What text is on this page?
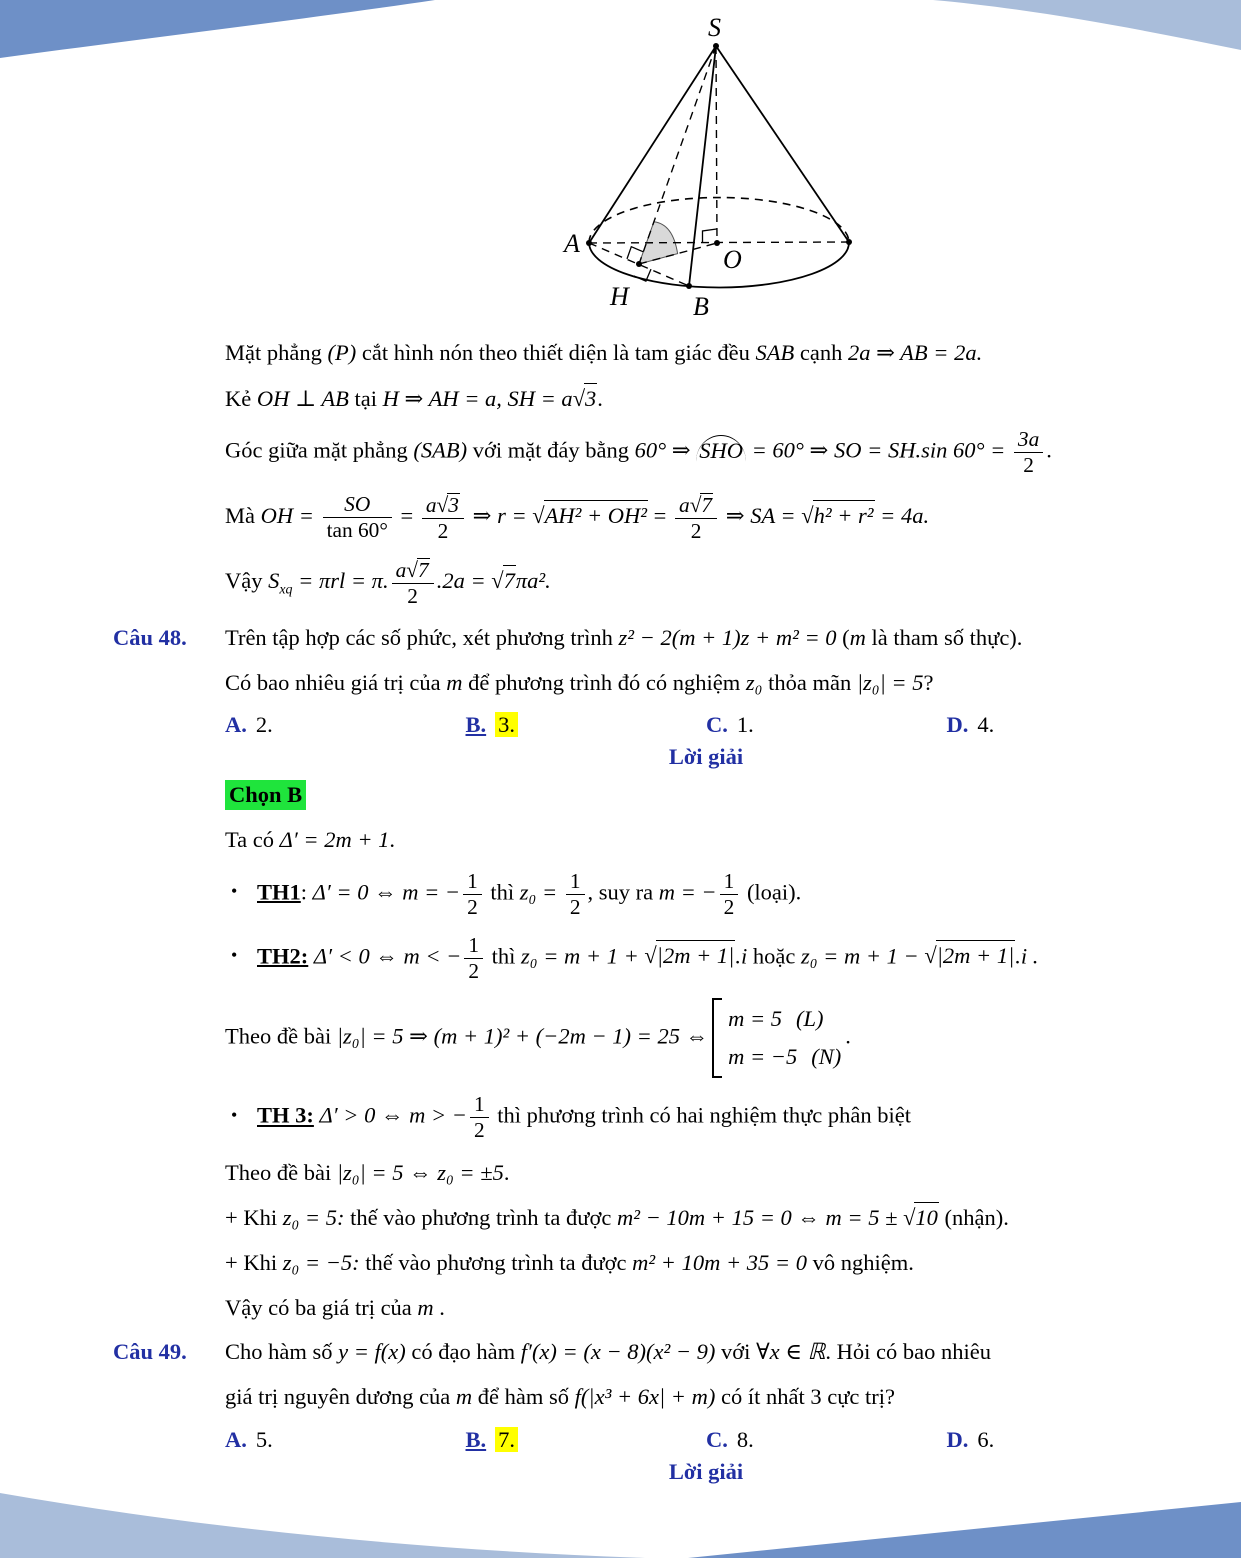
S
A
O
H B

Mặt phẳng (P) cắt hình nón theo thiết diện là tam giác đều SAB cạnh 2a ⇒ AB = 2a.

Kẻ OH ⊥ AB tại H ⇒ AH = a, SH = a√3.

Góc giữa mặt phẳng (SAB) với mặt đáy bằng 60° ⇒ SHO = 60° ⇒ SO = SH.sin $60^\circ = \frac{3a}{2}$ .

Mà OH = $\frac{SO}{\tan 60^\circ} = \frac{a√3}{2}$ ⇒ $r = √AH^2 + OH^2 = \frac{a√7}{2}$ ⇒ SA = √h² + r² = 4a.

Vậy $S_{xq} = \pi rl = \pi$. $\frac{a√7}{2} .2a = √7\pi a^2$.

Câu 48. Trên tập hợp các số phức, xét phương trình z² − 2(m + 1)z + m² = 0 (m là tham số thực).

Có bao nhiêu giá trị của m để phương trình đó có nghiệm z₀ thỏa mãn |z₀| = 5?

A. 2.	B. 3.	C. 1.	D. 4.

Lời giải

Chọn B

Ta có Δ′ = 2m + 1.

• TH1: Δ′ = 0 ⇔ m = − $\frac{1}{2}$ thì $z_0 = \frac{1}{2}$ , suy ra m = − $\frac{1}{2}$ (loại).

• TH2: Δ′ < 0 ⇔ m < − $\frac{1}{2}$ thì z₀ = m + 1 + √|2m + 1|.i hoặc z₀ = m + 1 − √|2m + 1|.i .

Theo đề bài |z₀| = 5 ⇒ (m + 1)² + (−2m − 1) = 25 ⇔
m = 5 (L)
m = −5 (N)
.

• TH 3: Δ′ > 0 ⇔ m > − $\frac{1}{2}$ thì phương trình có hai nghiệm thực phân biệt

Theo đề bài |z₀| = 5 ⇔ z₀ = ±5.

+ Khi z₀ = 5: thế vào phương trình ta được m² − 10m + 15 = 0 ⇔ m = 5 ± √10 (nhận).

+ Khi z₀ = −5: thế vào phương trình ta được m² + 10m + 35 = 0 vô nghiệm.

Vậy có ba giá trị của m .

Câu 49. Cho hàm số y = f(x) có đạo hàm f′(x) = (x − 8)(x² − 9) với ∀x ∈ ℝ. Hỏi có bao nhiêu

giá trị nguyên dương của m để hàm số f(|x³ + 6x| + m) có ít nhất 3 cực trị?

A. 5.	B. 7.	C. 8.	D. 6.

Lời giải
